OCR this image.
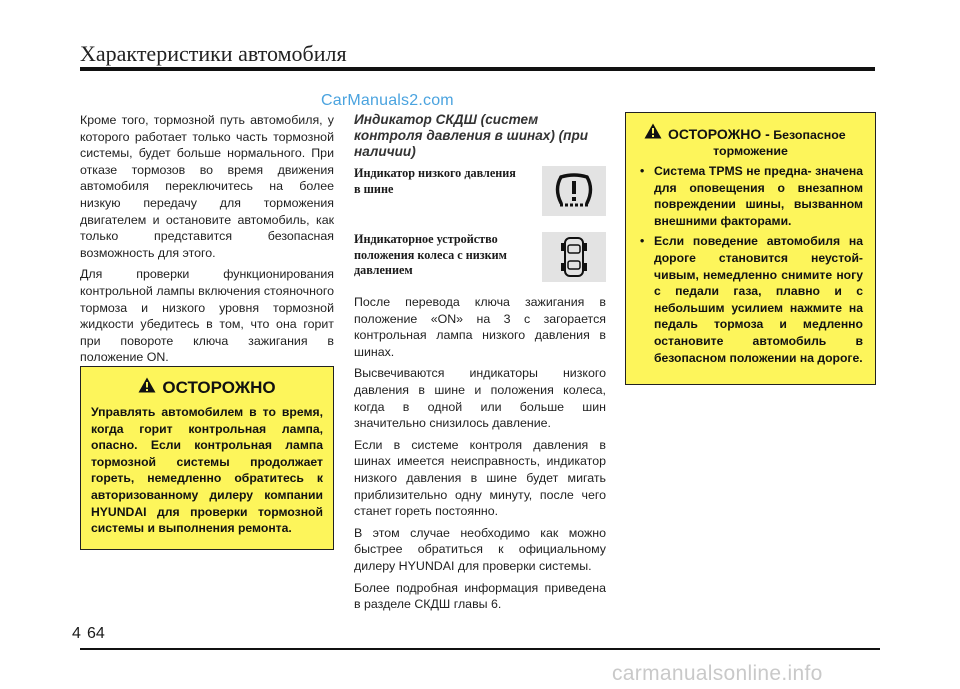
Характеристики автомобиля
CarManuals2.com

Кроме того, тормозной путь автомобиля, у которого работает только часть тормозной системы, будет больше нормального. При отказе тормозов во время движения автомобиля переключитесь на более низкую передачу для торможения двигателем и остановите автомобиль, как только представится безопасная возможность для этого.

Для проверки функционирования контрольной лампы включения стояночного тормоза и низкого уровня тормозной жидкости убедитесь в том, что она горит при повороте ключа зажигания в положение ON.

ОСТОРОЖНО

Управлять автомобилем в то время, когда горит контрольная лампа, опасно. Если контрольная лампа тормозной системы продолжает гореть, немедленно обратитесь к авторизованному дилеру компании HYUNDAI для проверки тормозной системы и выполнения ремонта.

Индикатор СКДШ (систем контроля давления в шинах) (при наличии)

Индикатор низкого давления в шине
Индикаторное устройство положения колеса с низким давлением

После перевода ключа зажигания в положение «ON» на 3 с загорается контрольная лампа низкого давления в шинах.

Высвечиваются индикаторы низкого давления в шине и положения колеса, когда в одной или больше шин значительно снизилось давление.

Если в системе контроля давления в шинах имеется неисправность, индикатор низкого давления в шине будет мигать приблизительно одну минуту, после чего станет гореть постоянно.

В этом случае необходимо как можно быстрее обратиться к официальному дилеру HYUNDAI для проверки системы.

Более подробная информация приведена в разделе СКДШ главы 6.

ОСТОРОЖНО - Безопасное

торможение

• Система TPMS не предна- значена для оповещения о внезапном повреждении шины, вызванном внешними факторами.
• Если поведение автомобиля на дороге становится неустой- чивым, немедленно снимите ногу с педали газа, плавно и с небольшим усилием нажмите на педаль тормоза и медленно остановите автомобиль в безопасном положении на дороге.
4 64
carmanualsonline.info
